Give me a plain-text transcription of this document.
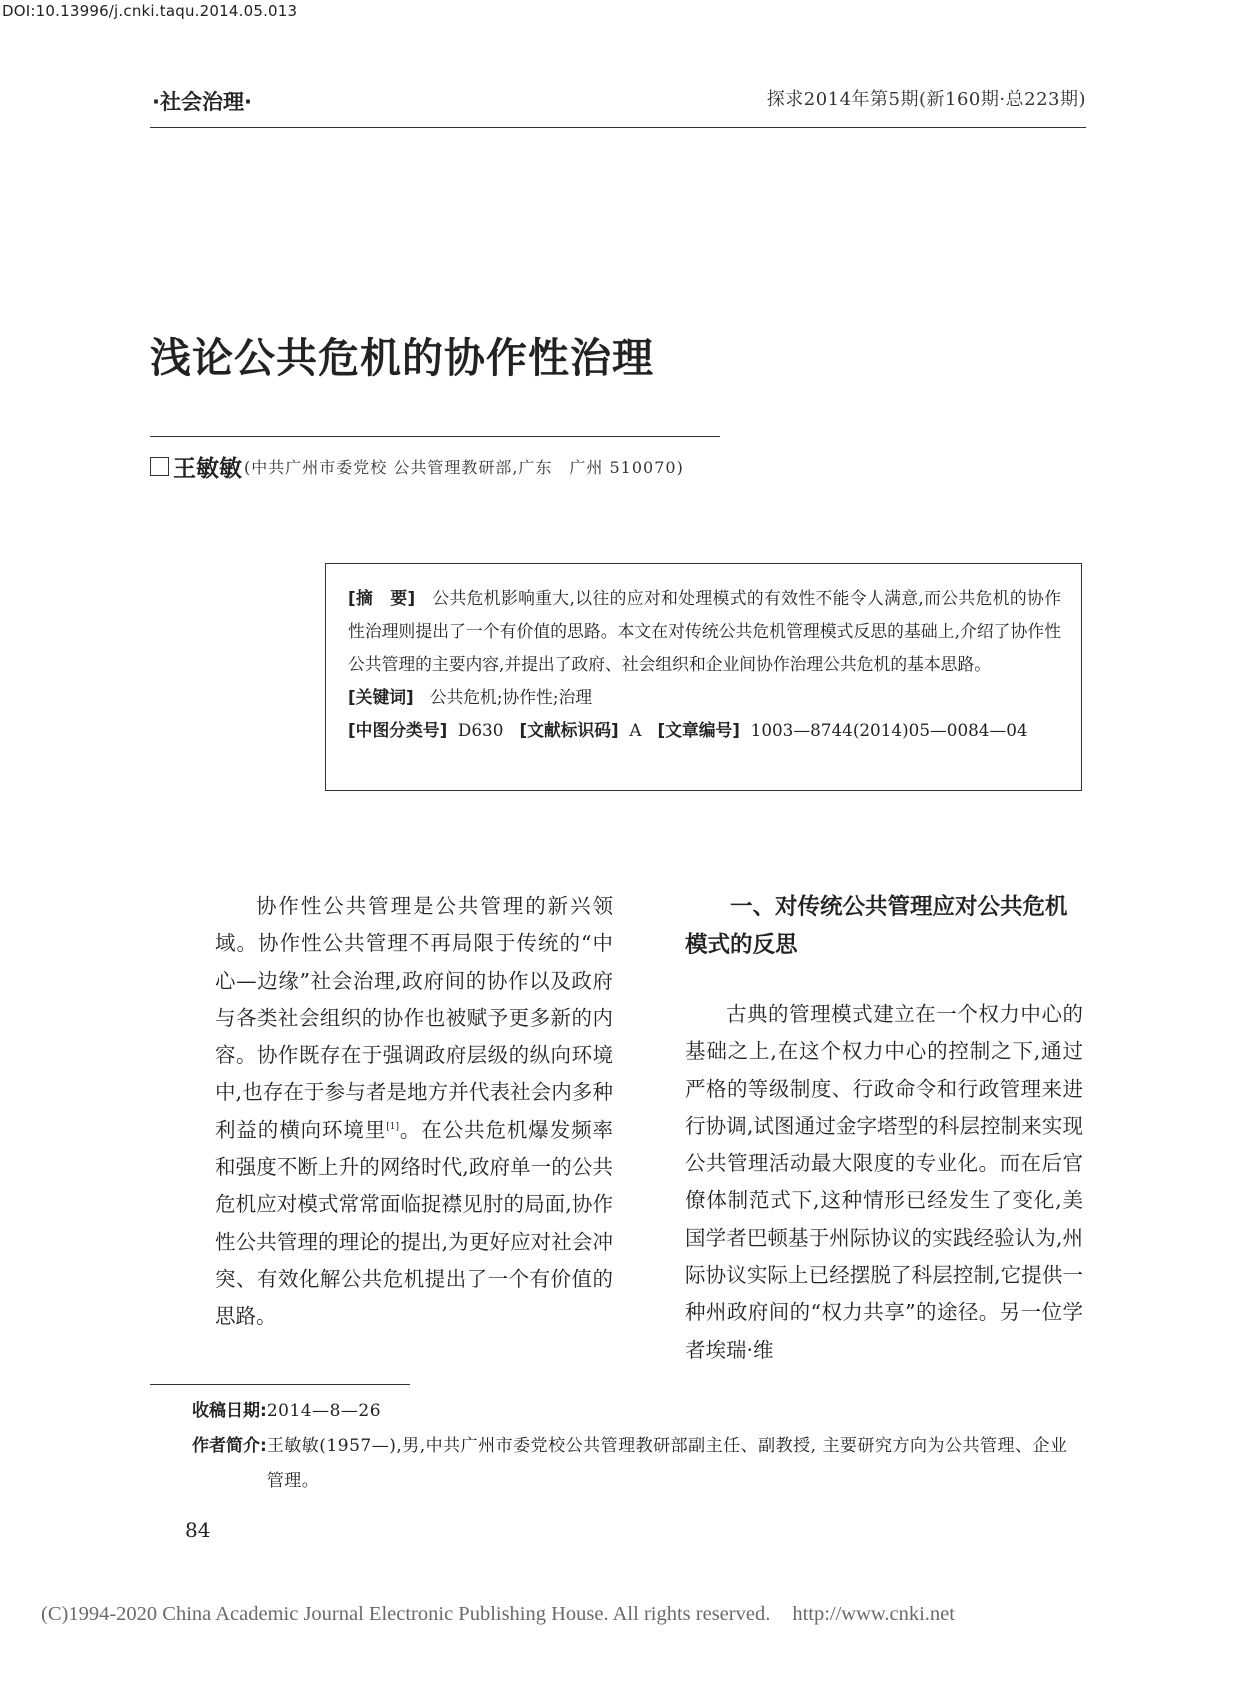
DOI:10.13996/j.cnki.taqu.2014.05.013
·社会治理·	探求2014年第5期(新160期·总223期)
浅论公共危机的协作性治理
王敏敏 (中共广州市委党校 公共管理教研部,广东　广州 510070)

[摘　要] 公共危机影响重大,以往的应对和处理模式的有效性不能令人满意,而公共危机的协作性治理则提出了一个有价值的思路。本文在对传统公共危机管理模式反思的基础上,介绍了协作性公共管理的主要内容,并提出了政府、社会组织和企业间协作治理公共危机的基本思路。

[关键词] 公共危机;协作性;治理

[中图分类号] D630 [文献标识码] A [文章编号] 1003—8744(2014)05—0084—04

协作性公共管理是公共管理的新兴领域。协作性公共管理不再局限于传统的“中心—边缘”社会治理,政府间的协作以及政府与各类社会组织的协作也被赋予更多新的内容。协作既存在于强调政府层级的纵向环境中,也存在于参与者是地方并代表社会内多种利益的横向环境里[1]。在公共危机爆发频率和强度不断上升的网络时代,政府单一的公共危机应对模式常常面临捉襟见肘的局面,协作性公共管理的理论的提出,为更好应对社会冲突、有效化解公共危机提出了一个有价值的思路。

一、对传统公共管理应对公共危机模式的反思

古典的管理模式建立在一个权力中心的基础之上,在这个权力中心的控制之下,通过严格的等级制度、行政命令和行政管理来进行协调,试图通过金字塔型的科层控制来实现公共管理活动最大限度的专业化。而在后官僚体制范式下,这种情形已经发生了变化,美国学者巴顿基于州际协议的实践经验认为,州际协议实际上已经摆脱了科层控制,它提供一种州政府间的“权力共享”的途径。另一位学者埃瑞·维

收稿日期: 2014—8—26
作者简介: 王敏敏(1957—),男,中共广州市委党校公共管理教研部副主任、副教授, 主要研究方向为公共管理、企业管理。
84
(C)1994-2020 China Academic Journal Electronic Publishing House. All rights reserved. http://www.cnki.net
